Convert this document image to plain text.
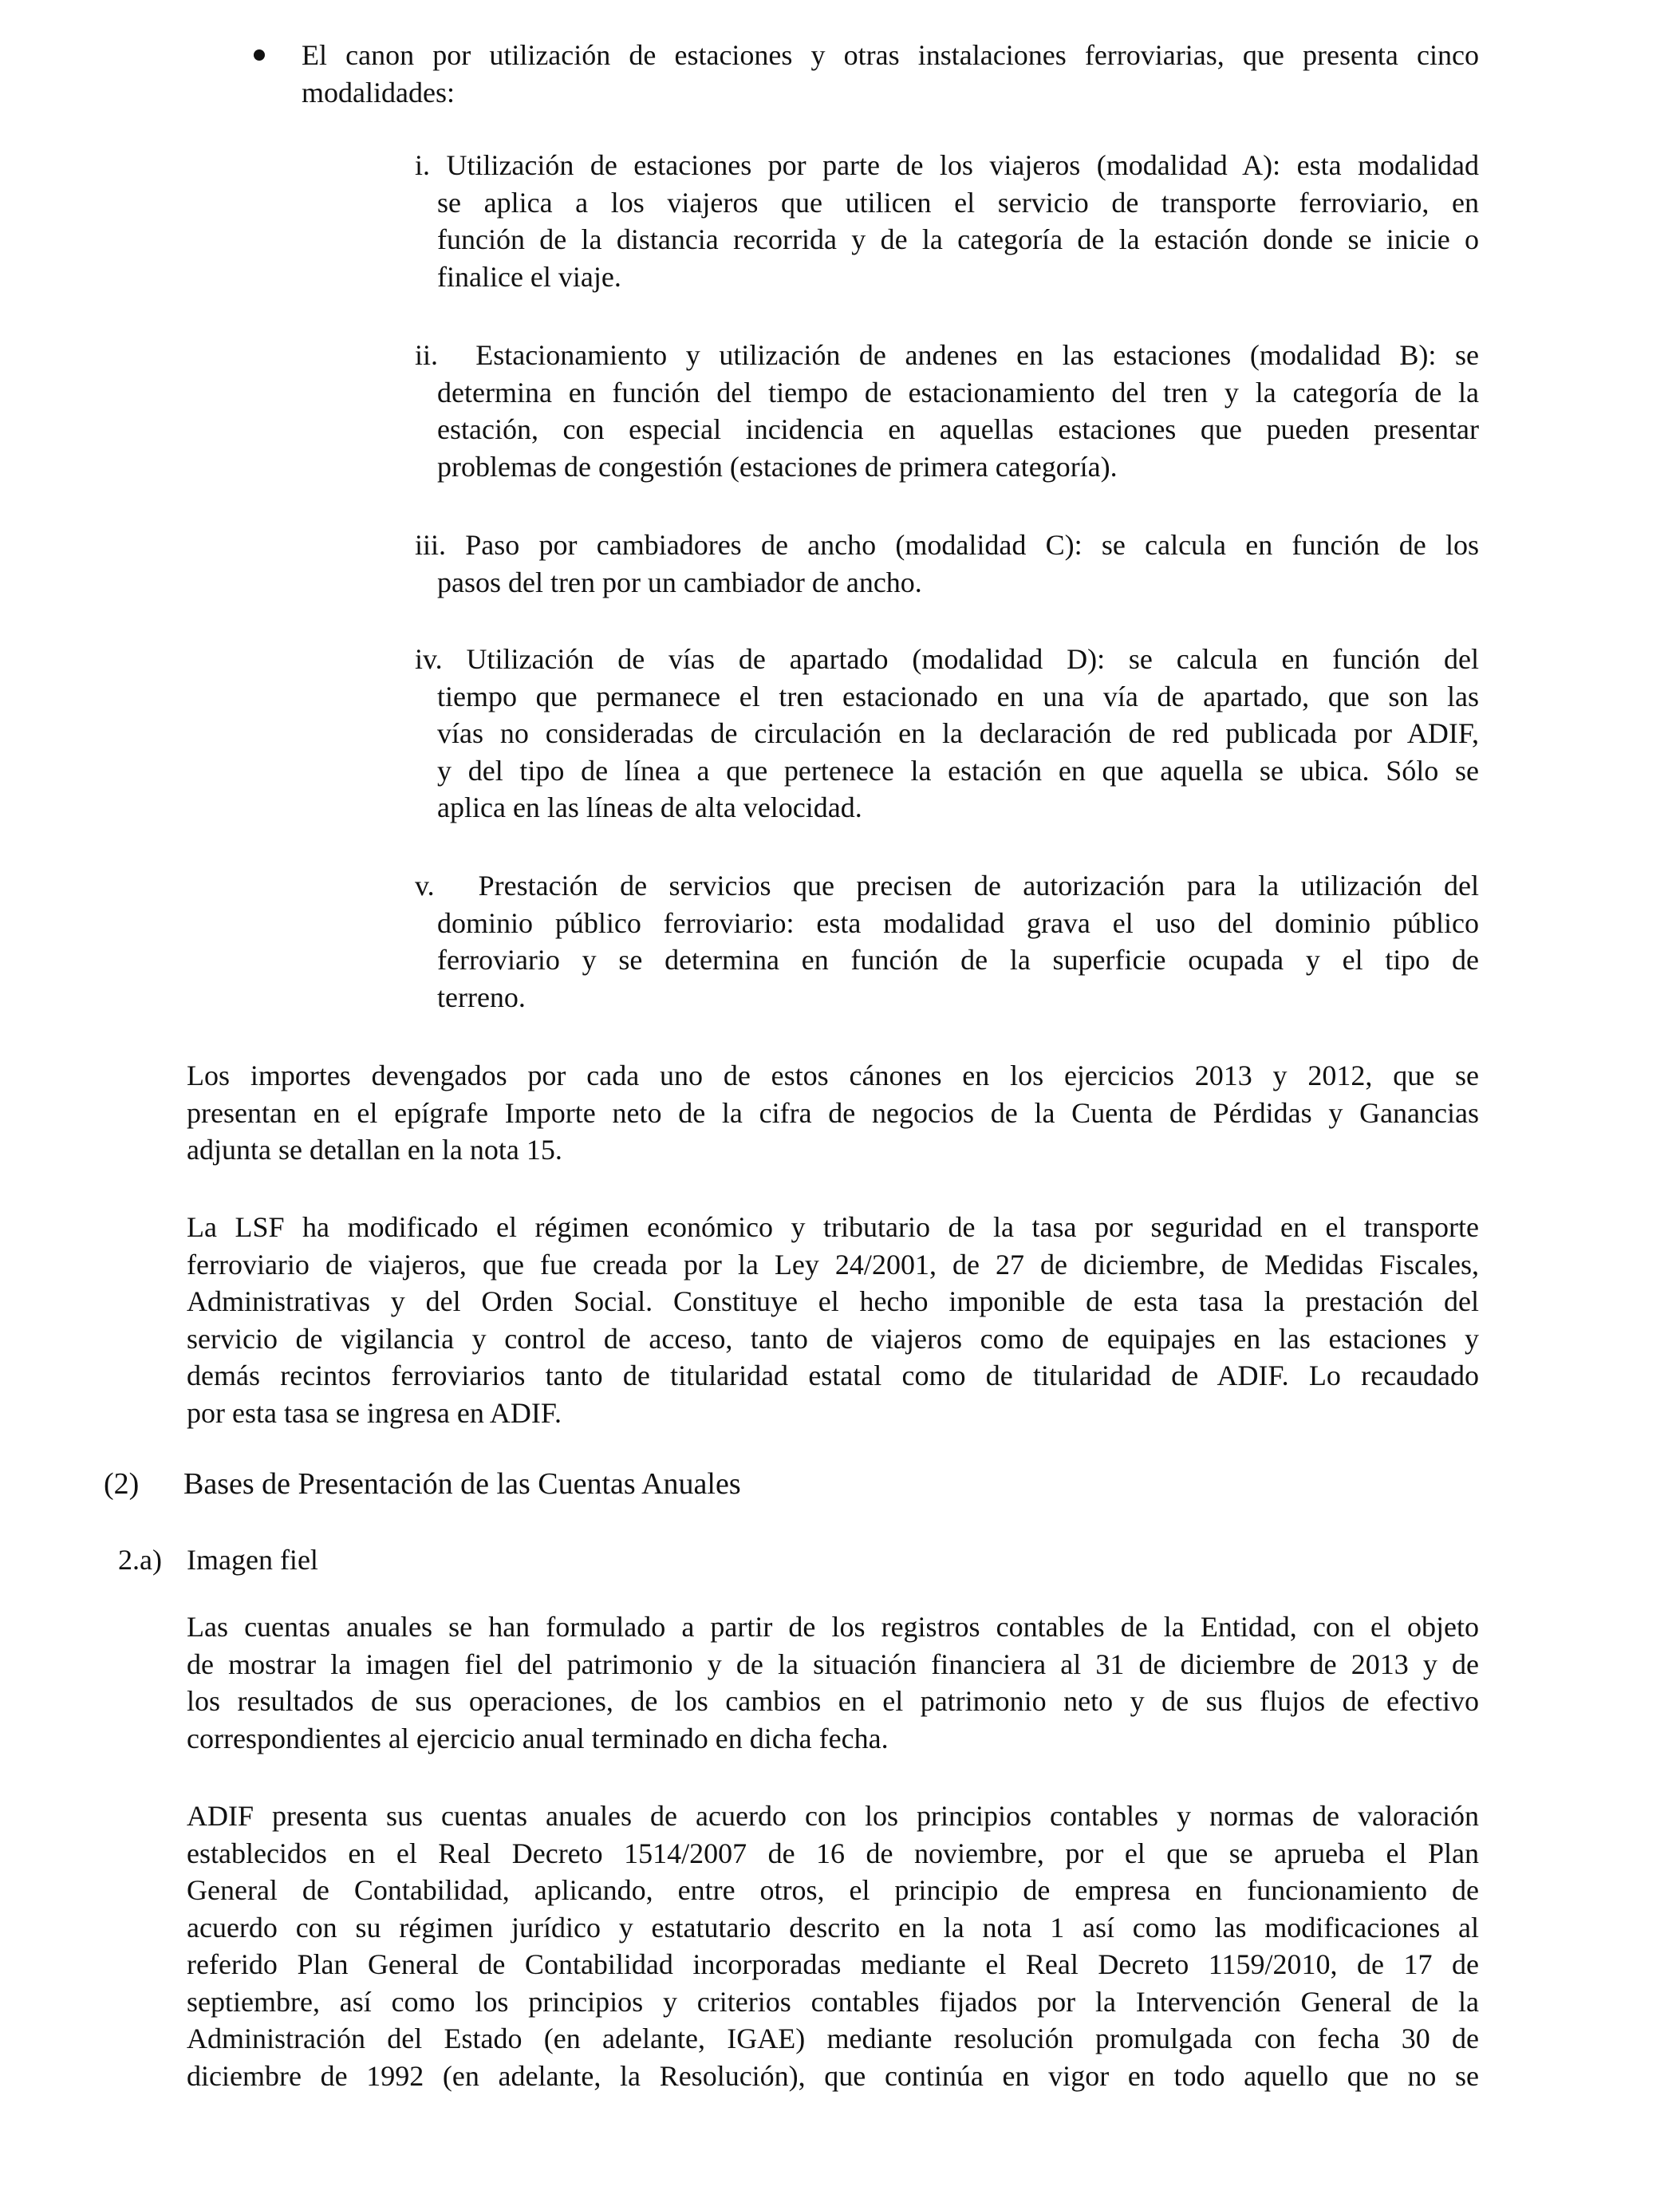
El canon por utilización de estaciones y otras instalaciones ferroviarias, que presenta cinco
modalidades:

i. Utilización de estaciones por parte de los viajeros (modalidad A): esta modalidad
se aplica a los viajeros que utilicen el servicio de transporte ferroviario, en
función de la distancia recorrida y de la categoría de la estación donde se inicie o
finalice el viaje.
ii.  Estacionamiento y utilización de andenes en las estaciones (modalidad B): se
determina en función del tiempo de estacionamiento del tren y la categoría de la
estación, con especial incidencia en aquellas estaciones que pueden presentar
problemas de congestión (estaciones de primera categoría).
iii. Paso por cambiadores de ancho (modalidad C): se calcula en función de los
pasos del tren por un cambiador de ancho.
iv. Utilización de vías de apartado (modalidad D): se calcula en función del
tiempo que permanece el tren estacionado en una vía de apartado, que son las
vías no consideradas de circulación en la declaración de red publicada por ADIF,
y del tipo de línea a que pertenece la estación en que aquella se ubica. Sólo se
aplica en las líneas de alta velocidad.
v.  Prestación de servicios que precisen de autorización para la utilización del
dominio público ferroviario: esta modalidad grava el uso del dominio público
ferroviario y se determina en función de la superficie ocupada y el tipo de
terreno.

Los importes devengados por cada uno de estos cánones en los ejercicios 2013 y 2012, que se
presentan en el epígrafe Importe neto de la cifra de negocios de la Cuenta de Pérdidas y Ganancias
adjunta se detallan en la nota 15.

La LSF ha modificado el régimen económico y tributario de la tasa por seguridad en el transporte
ferroviario de viajeros, que fue creada por la Ley 24/2001, de 27 de diciembre, de Medidas Fiscales,
Administrativas y del Orden Social. Constituye el hecho imponible de esta tasa la prestación del
servicio de vigilancia y control de acceso, tanto de viajeros como de equipajes en las estaciones y
demás recintos ferroviarios tanto de titularidad estatal como de titularidad de ADIF. Lo recaudado
por esta tasa se ingresa en ADIF.

(2) Bases de Presentación de las Cuentas Anuales
2.a) Imagen fiel

Las cuentas anuales se han formulado a partir de los registros contables de la Entidad, con el objeto
de mostrar la imagen fiel del patrimonio y de la situación financiera al 31 de diciembre de 2013 y de
los resultados de sus operaciones, de los cambios en el patrimonio neto y de sus flujos de efectivo
correspondientes al ejercicio anual terminado en dicha fecha.

ADIF presenta sus cuentas anuales de acuerdo con los principios contables y normas de valoración
establecidos en el Real Decreto 1514/2007 de 16 de noviembre, por el que se aprueba el Plan
General de Contabilidad, aplicando, entre otros, el principio de empresa en funcionamiento de
acuerdo con su régimen jurídico y estatutario descrito en la nota 1 así como las modificaciones al
referido Plan General de Contabilidad incorporadas mediante el Real Decreto 1159/2010, de 17 de
septiembre, así como los principios y criterios contables fijados por la Intervención General de la
Administración del Estado (en adelante, IGAE) mediante resolución promulgada con fecha 30 de
diciembre de 1992 (en adelante, la Resolución), que continúa en vigor en todo aquello que no se
